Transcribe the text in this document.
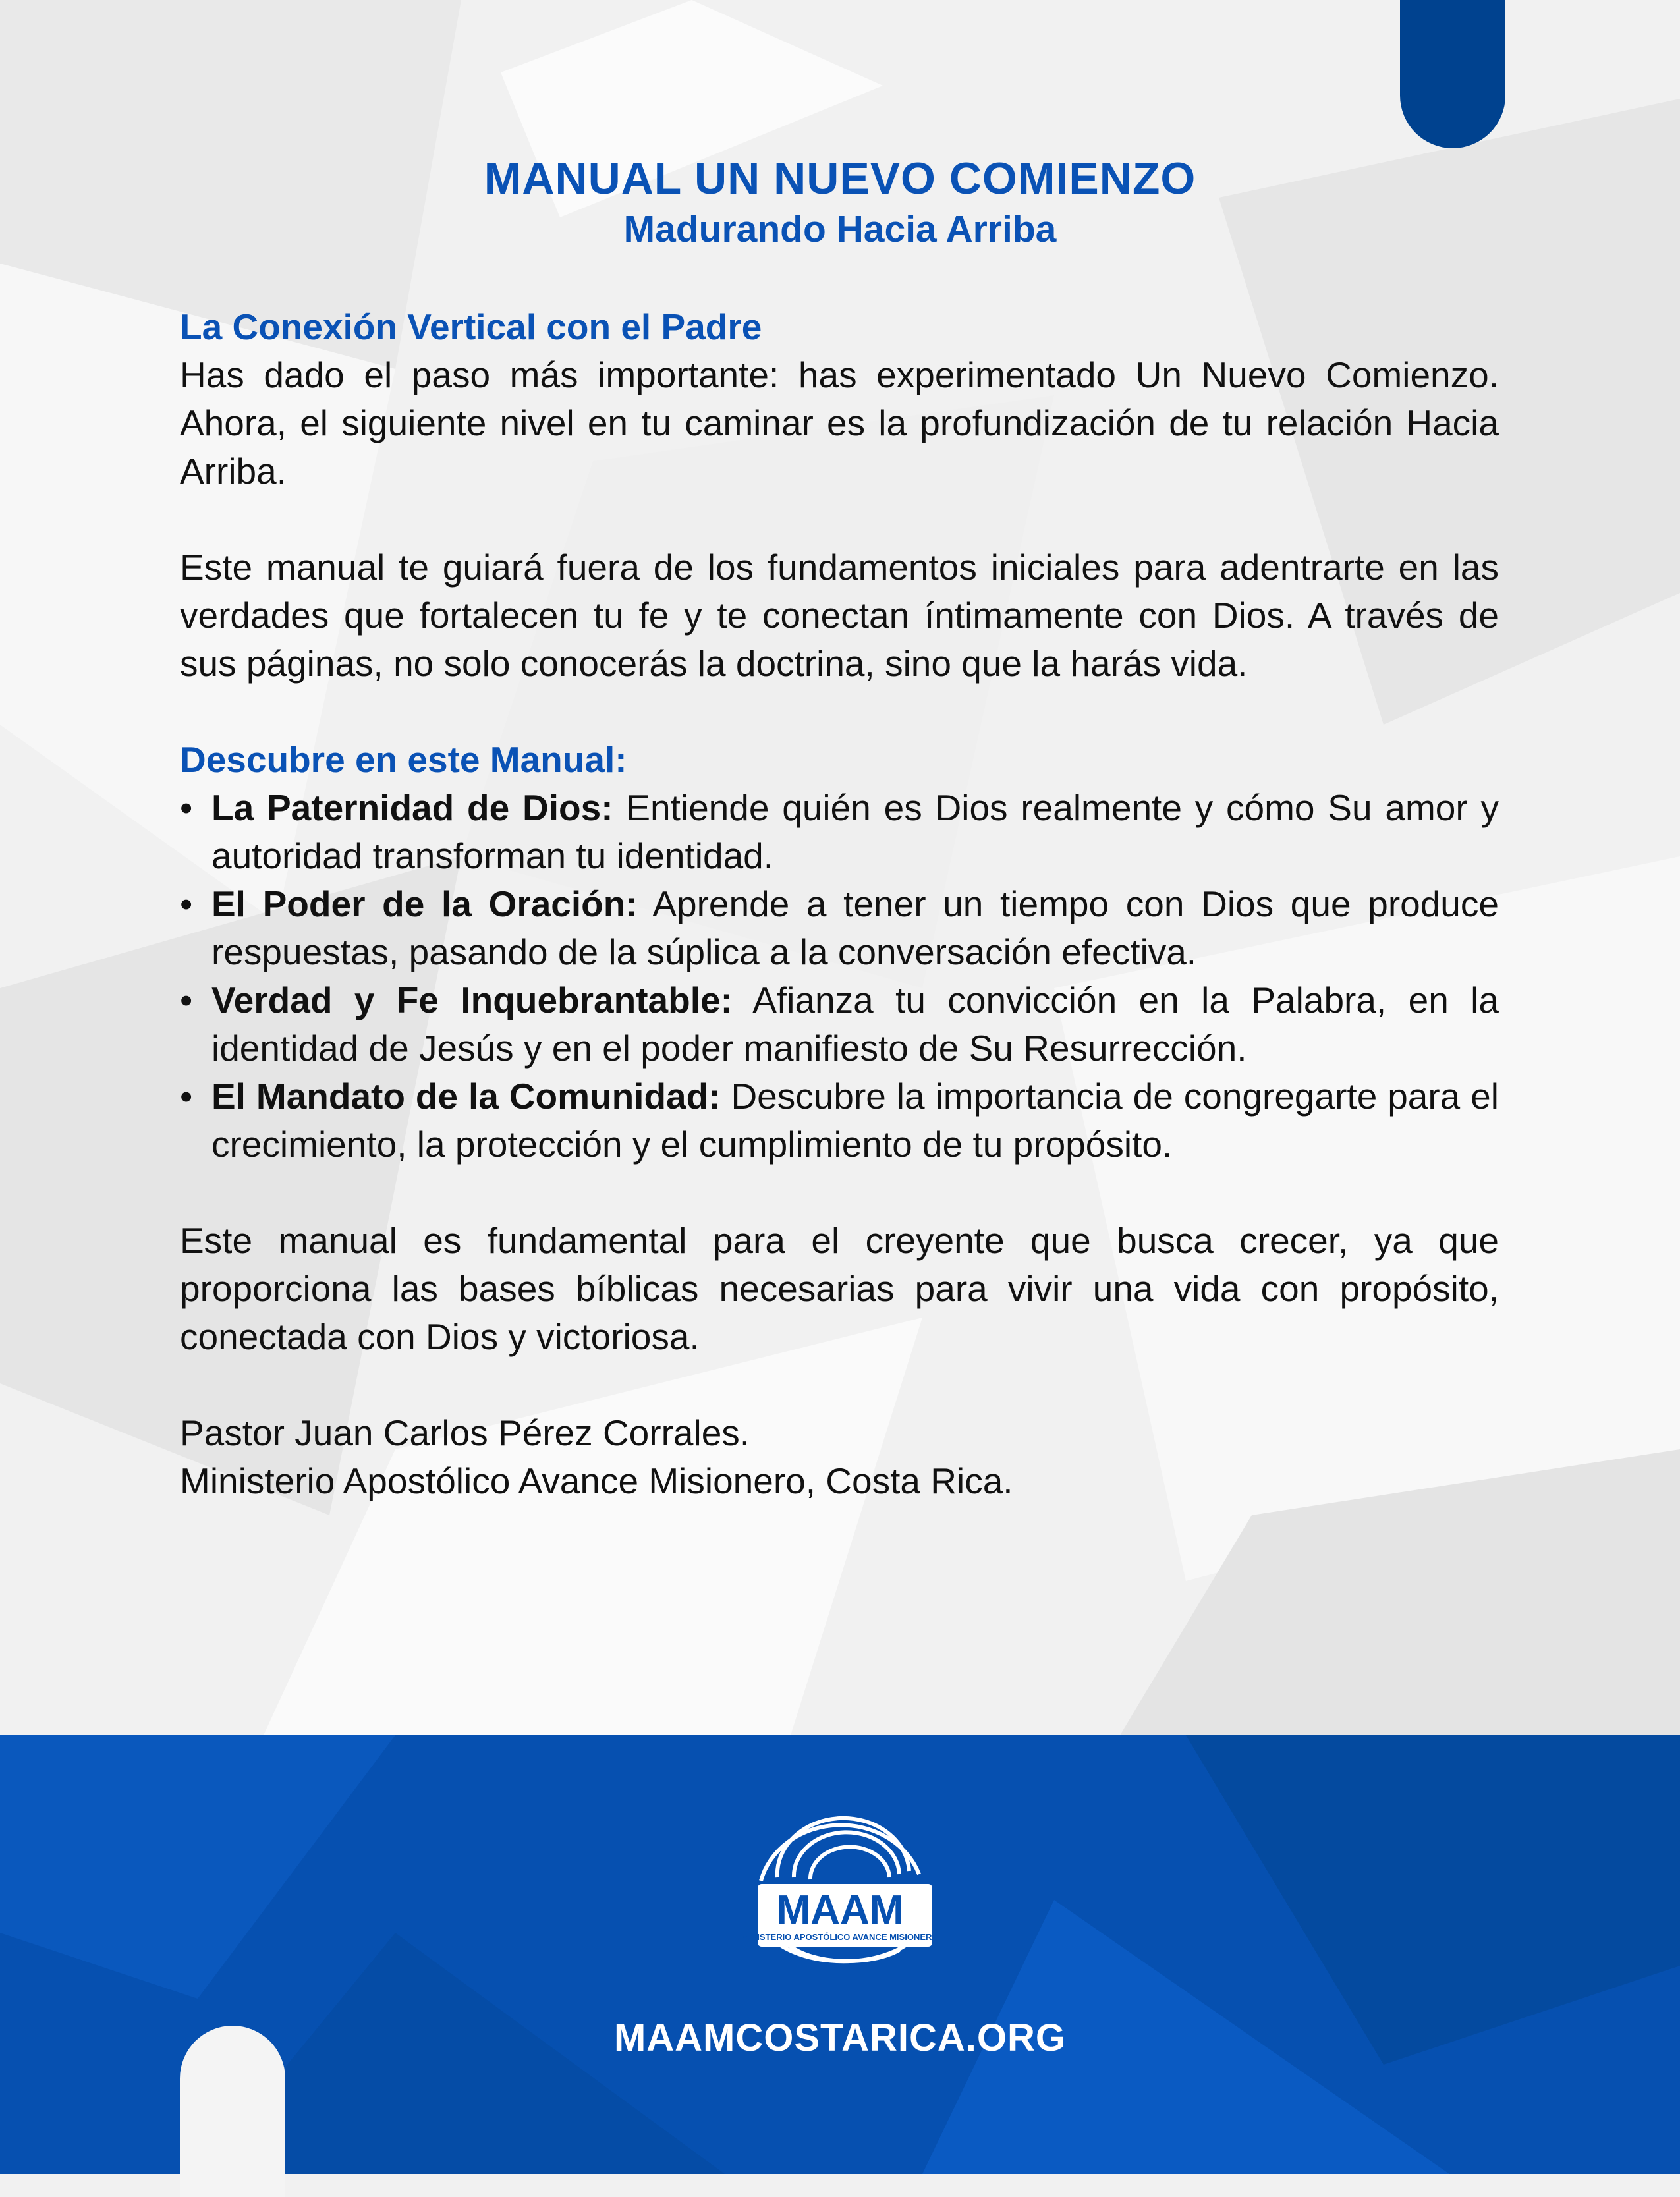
MANUAL UN NUEVO COMIENZO
Madurando Hacia Arriba
La Conexión Vertical con el Padre

Has dado el paso más importante: has experimentado Un Nuevo Comienzo. Ahora, el siguiente nivel en tu caminar es la profundización de tu relación Hacia Arriba.

Este manual te guiará fuera de los fundamentos iniciales para adentrarte en las verdades que fortalecen tu fe y te conectan íntimamente con Dios. A través de sus páginas, no solo conocerás la doctrina, sino que la harás vida.

Descubre en este Manual:
• La Paternidad de Dios: Entiende quién es Dios realmente y cómo Su amor y autoridad transforman tu identidad.
• El Poder de la Oración: Aprende a tener un tiempo con Dios que produce respuestas, pasando de la súplica a la conversación efectiva.
• Verdad y Fe Inquebrantable: Afianza tu convicción en la Palabra, en la identidad de Jesús y en el poder manifiesto de Su Resurrección.
• El Mandato de la Comunidad: Descubre la importancia de congregarte para el crecimiento, la protección y el cumplimiento de tu propósito.

Este manual es fundamental para el creyente que busca crecer, ya que proporciona las bases bíblicas necesarias para vivir una vida con propósito, conectada con Dios y victoriosa.

Pastor Juan Carlos Pérez Corrales.
Ministerio Apostólico Avance Misionero, Costa Rica.
MAAM
MINISTERIO APOSTÓLICO AVANCE MISIONERO
MAAMCOSTARICA.ORG
